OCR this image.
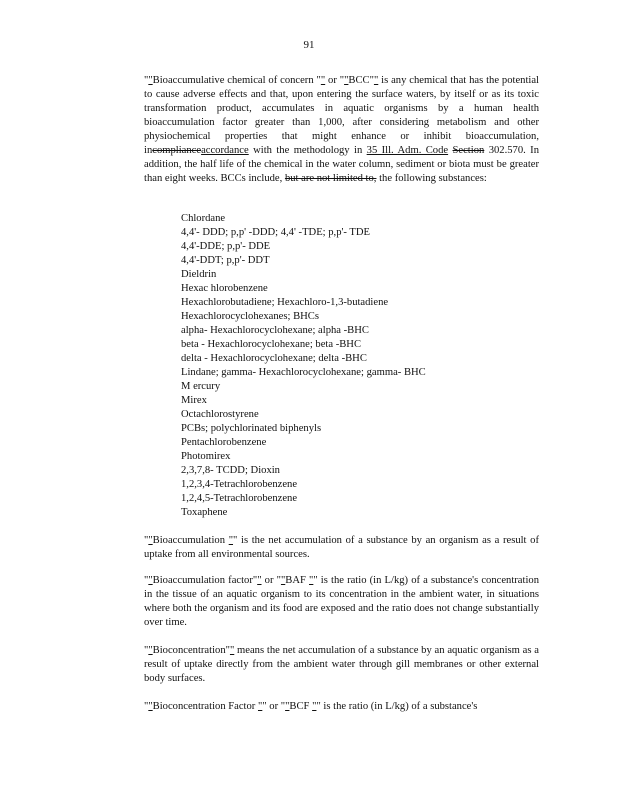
91

""Bioaccumulative chemical of concern "" or ""BCC"" is any chemical that has the potential to cause adverse effects and that, upon entering the surface waters, by itself or as its toxic transformation product, accumulates in aquatic organisms by a human health bioaccumulation factor greater than 1,000, after considering metabolism and other physiochemical properties that might enhance or inhibit bioaccumulation, incomplianceaccordance with the methodology in 35 Ill. Adm. Code Section 302.570. In addition, the half life of the chemical in the water column, sediment or biota must be greater than eight weeks. BCCs include, but are not limited to, the following substances:

Chlordane
4,4'- DDD; p,p' -DDD; 4,4' -TDE; p,p'- TDE
4,4'-DDE; p,p'- DDE
4,4'-DDT; p,p'- DDT
Dieldrin
Hexac hlorobenzene
Hexachlorobutadiene; Hexachloro-1,3-butadiene
Hexachlorocyclohexanes; BHCs
alpha- Hexachlorocyclohexane; alpha -BHC
beta - Hexachlorocyclohexane; beta -BHC
delta - Hexachlorocyclohexane; delta -BHC
Lindane; gamma- Hexachlorocyclohexane; gamma- BHC
M ercury
Mirex
Octachlorostyrene
PCBs; polychlorinated biphenyls
Pentachlorobenzene
Photomirex
2,3,7,8- TCDD; Dioxin
1,2,3,4-Tetrachlorobenzene
1,2,4,5-Tetrachlorobenzene
Toxaphene

""Bioaccumulation "" is the net accumulation of a substance by an organism as a result of uptake from all environmental sources.

""Bioaccumulation factor"" or ""BAF "" is the ratio (in L/kg) of a substance's concentration in the tissue of an aquatic organism to its concentration in the ambient water, in situations where both the organism and its food are exposed and the ratio does not change substantially over time.

""Bioconcentration"" means the net accumulation of a substance by an aquatic organism as a result of uptake directly from the ambient water through gill membranes or other external body surfaces.

""Bioconcentration Factor "" or ""BCF "" is the ratio (in L/kg) of a substance's
